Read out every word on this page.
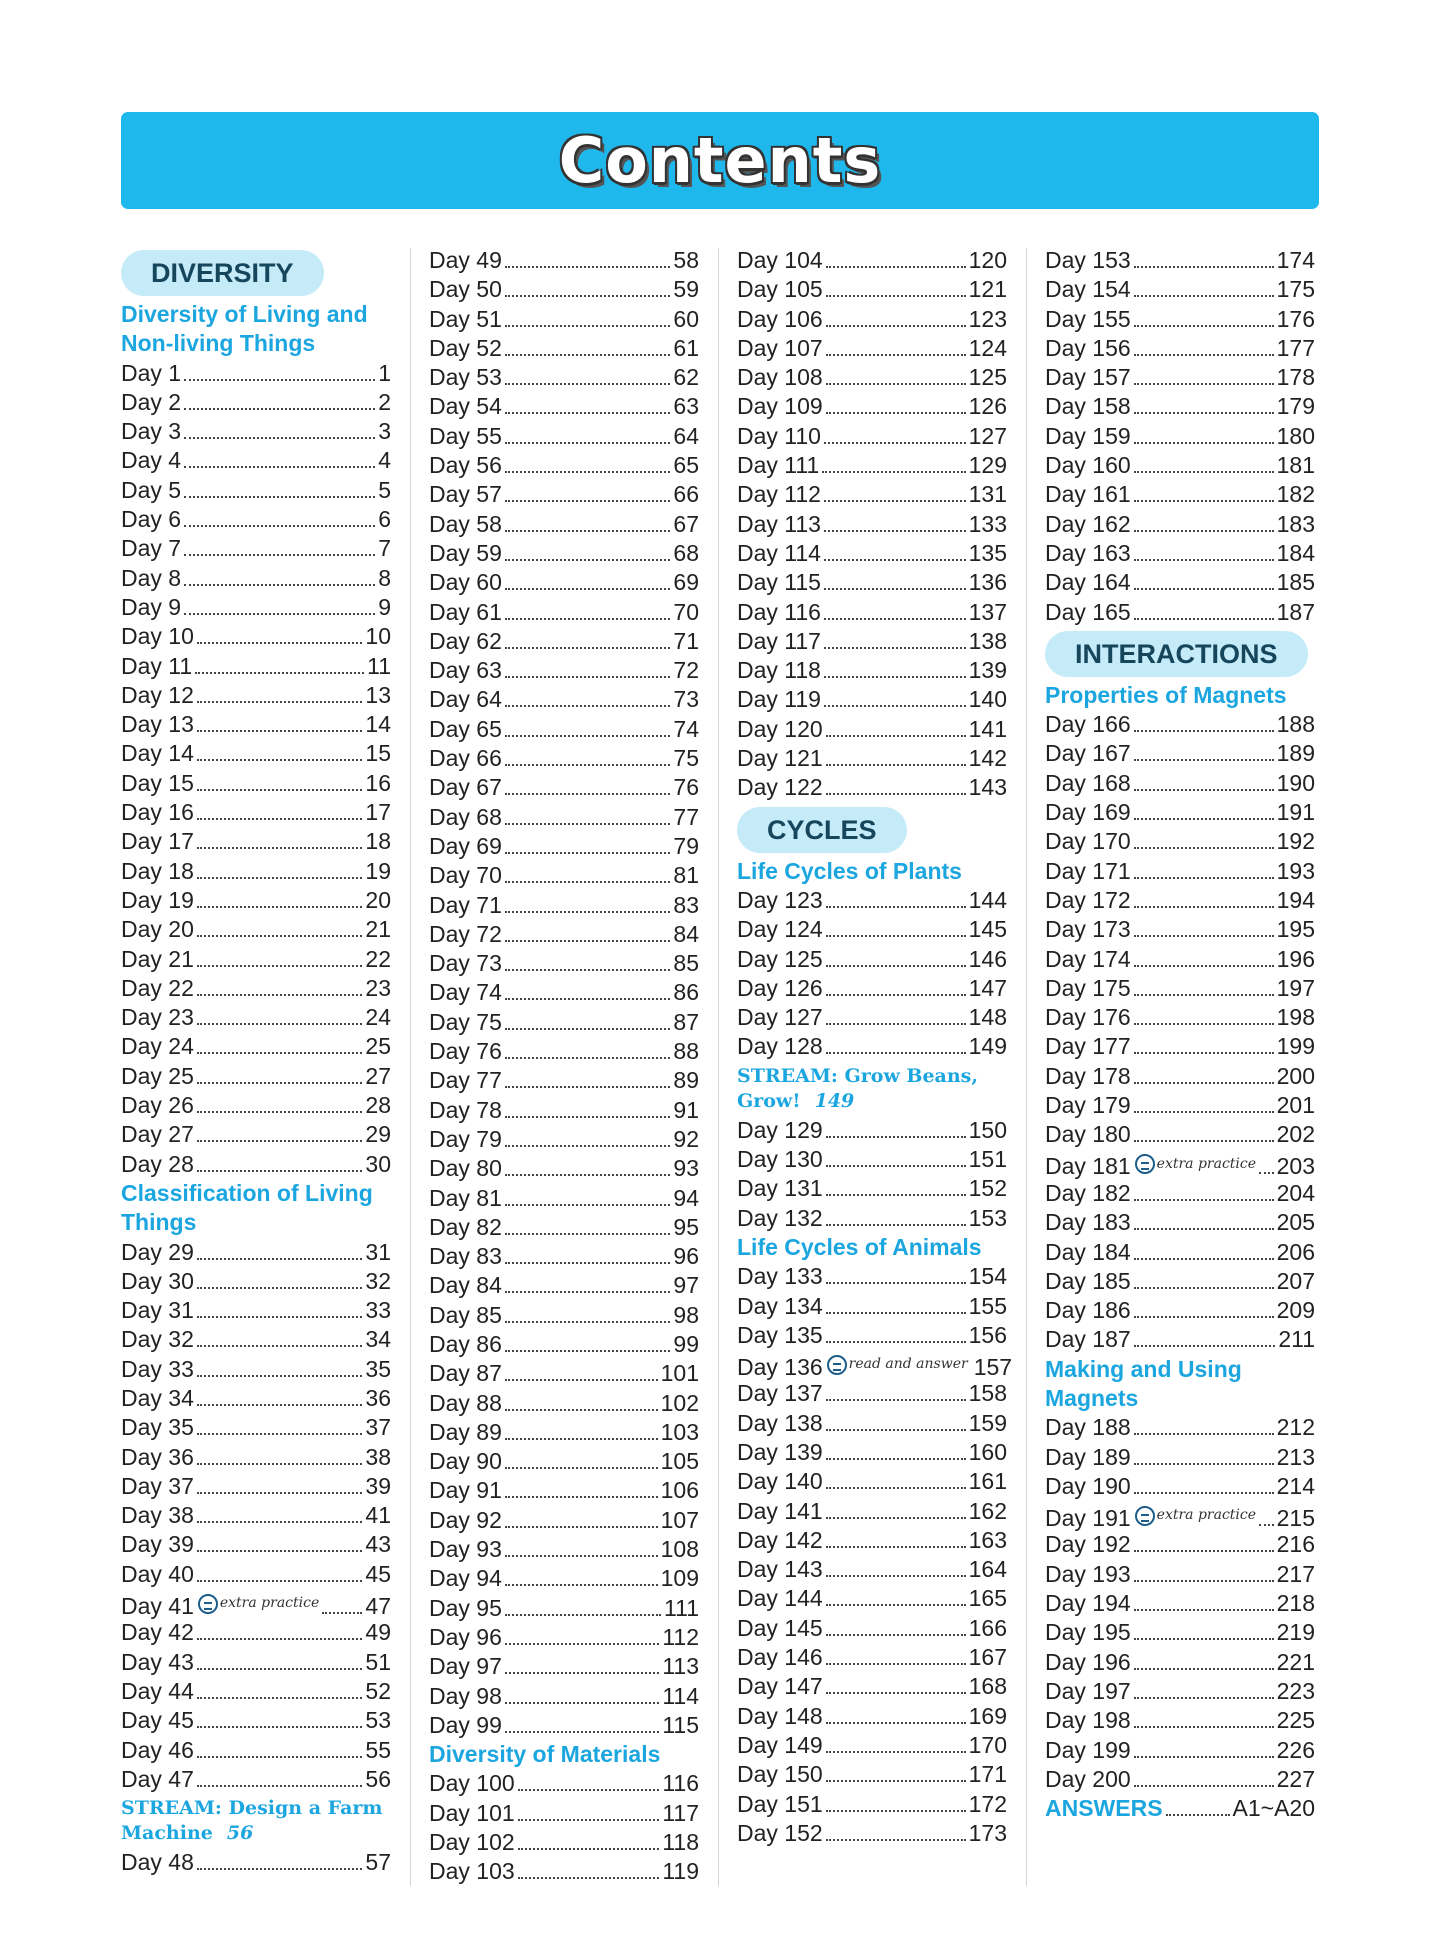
Contents
DIVERSITY
Diversity of Living and
Non-living Things
Day 1	1
Day 2	2
Day 3	3
Day 4	4
Day 5	5
Day 6	6
Day 7	7
Day 8	8
Day 9	9
Day 10	10
Day 11	11
Day 12	13
Day 13	14
Day 14	15
Day 15	16
Day 16	17
Day 17	18
Day 18	19
Day 19	20
Day 20	21
Day 21	22
Day 22	23
Day 23	24
Day 24	25
Day 25	27
Day 26	28
Day 27	29
Day 28	30
Classification of Living
Things
Day 29	31
Day 30	32
Day 31	33
Day 32	34
Day 33	35
Day 34	36
Day 35	37
Day 36	38
Day 37	39
Day 38	41
Day 39	43
Day 40	45
Day 41 extra practice 47
Day 42	49
Day 43	51
Day 44	52
Day 45	53
Day 46	55
Day 47	56
STREAM: Design a Farm
Machine 56
Day 48	57
Day 49	58
Day 50	59
Day 51	60
Day 52	61
Day 53	62
Day 54	63
Day 55	64
Day 56	65
Day 57	66
Day 58	67
Day 59	68
Day 60	69
Day 61	70
Day 62	71
Day 63	72
Day 64	73
Day 65	74
Day 66	75
Day 67	76
Day 68	77
Day 69	79
Day 70	81
Day 71	83
Day 72	84
Day 73	85
Day 74	86
Day 75	87
Day 76	88
Day 77	89
Day 78	91
Day 79	92
Day 80	93
Day 81	94
Day 82	95
Day 83	96
Day 84	97
Day 85	98
Day 86	99
Day 87	101
Day 88	102
Day 89	103
Day 90	105
Day 91	106
Day 92	107
Day 93	108
Day 94	109
Day 95	111
Day 96	112
Day 97	113
Day 98	114
Day 99	115
Diversity of Materials
Day 100	116
Day 101	117
Day 102	118
Day 103	119
Day 104	120
Day 105	121
Day 106	123
Day 107	124
Day 108	125
Day 109	126
Day 110	127
Day 111	129
Day 112	131
Day 113	133
Day 114	135
Day 115	136
Day 116	137
Day 117	138
Day 118	139
Day 119	140
Day 120	141
Day 121	142
Day 122	143
CYCLES
Life Cycles of Plants
Day 123	144
Day 124	145
Day 125	146
Day 126	147
Day 127	148
Day 128	149
STREAM: Grow Beans,
Grow! 149
Day 129	150
Day 130	151
Day 131	152
Day 132	153
Life Cycles of Animals
Day 133	154
Day 134	155
Day 135	156
Day 136 read and answer 157
Day 137	158
Day 138	159
Day 139	160
Day 140	161
Day 141	162
Day 142	163
Day 143	164
Day 144	165
Day 145	166
Day 146	167
Day 147	168
Day 148	169
Day 149	170
Day 150	171
Day 151	172
Day 152	173
Day 153	174
Day 154	175
Day 155	176
Day 156	177
Day 157	178
Day 158	179
Day 159	180
Day 160	181
Day 161	182
Day 162	183
Day 163	184
Day 164	185
Day 165	187
INTERACTIONS
Properties of Magnets
Day 166	188
Day 167	189
Day 168	190
Day 169	191
Day 170	192
Day 171	193
Day 172	194
Day 173	195
Day 174	196
Day 175	197
Day 176	198
Day 177	199
Day 178	200
Day 179	201
Day 180	202
Day 181 extra practice 203
Day 182	204
Day 183	205
Day 184	206
Day 185	207
Day 186	209
Day 187	211
Making and Using
Magnets
Day 188	212
Day 189	213
Day 190	214
Day 191 extra practice 215
Day 192	216
Day 193	217
Day 194	218
Day 195	219
Day 196	221
Day 197	223
Day 198	225
Day 199	226
Day 200	227
ANSWERS	A1~A20
